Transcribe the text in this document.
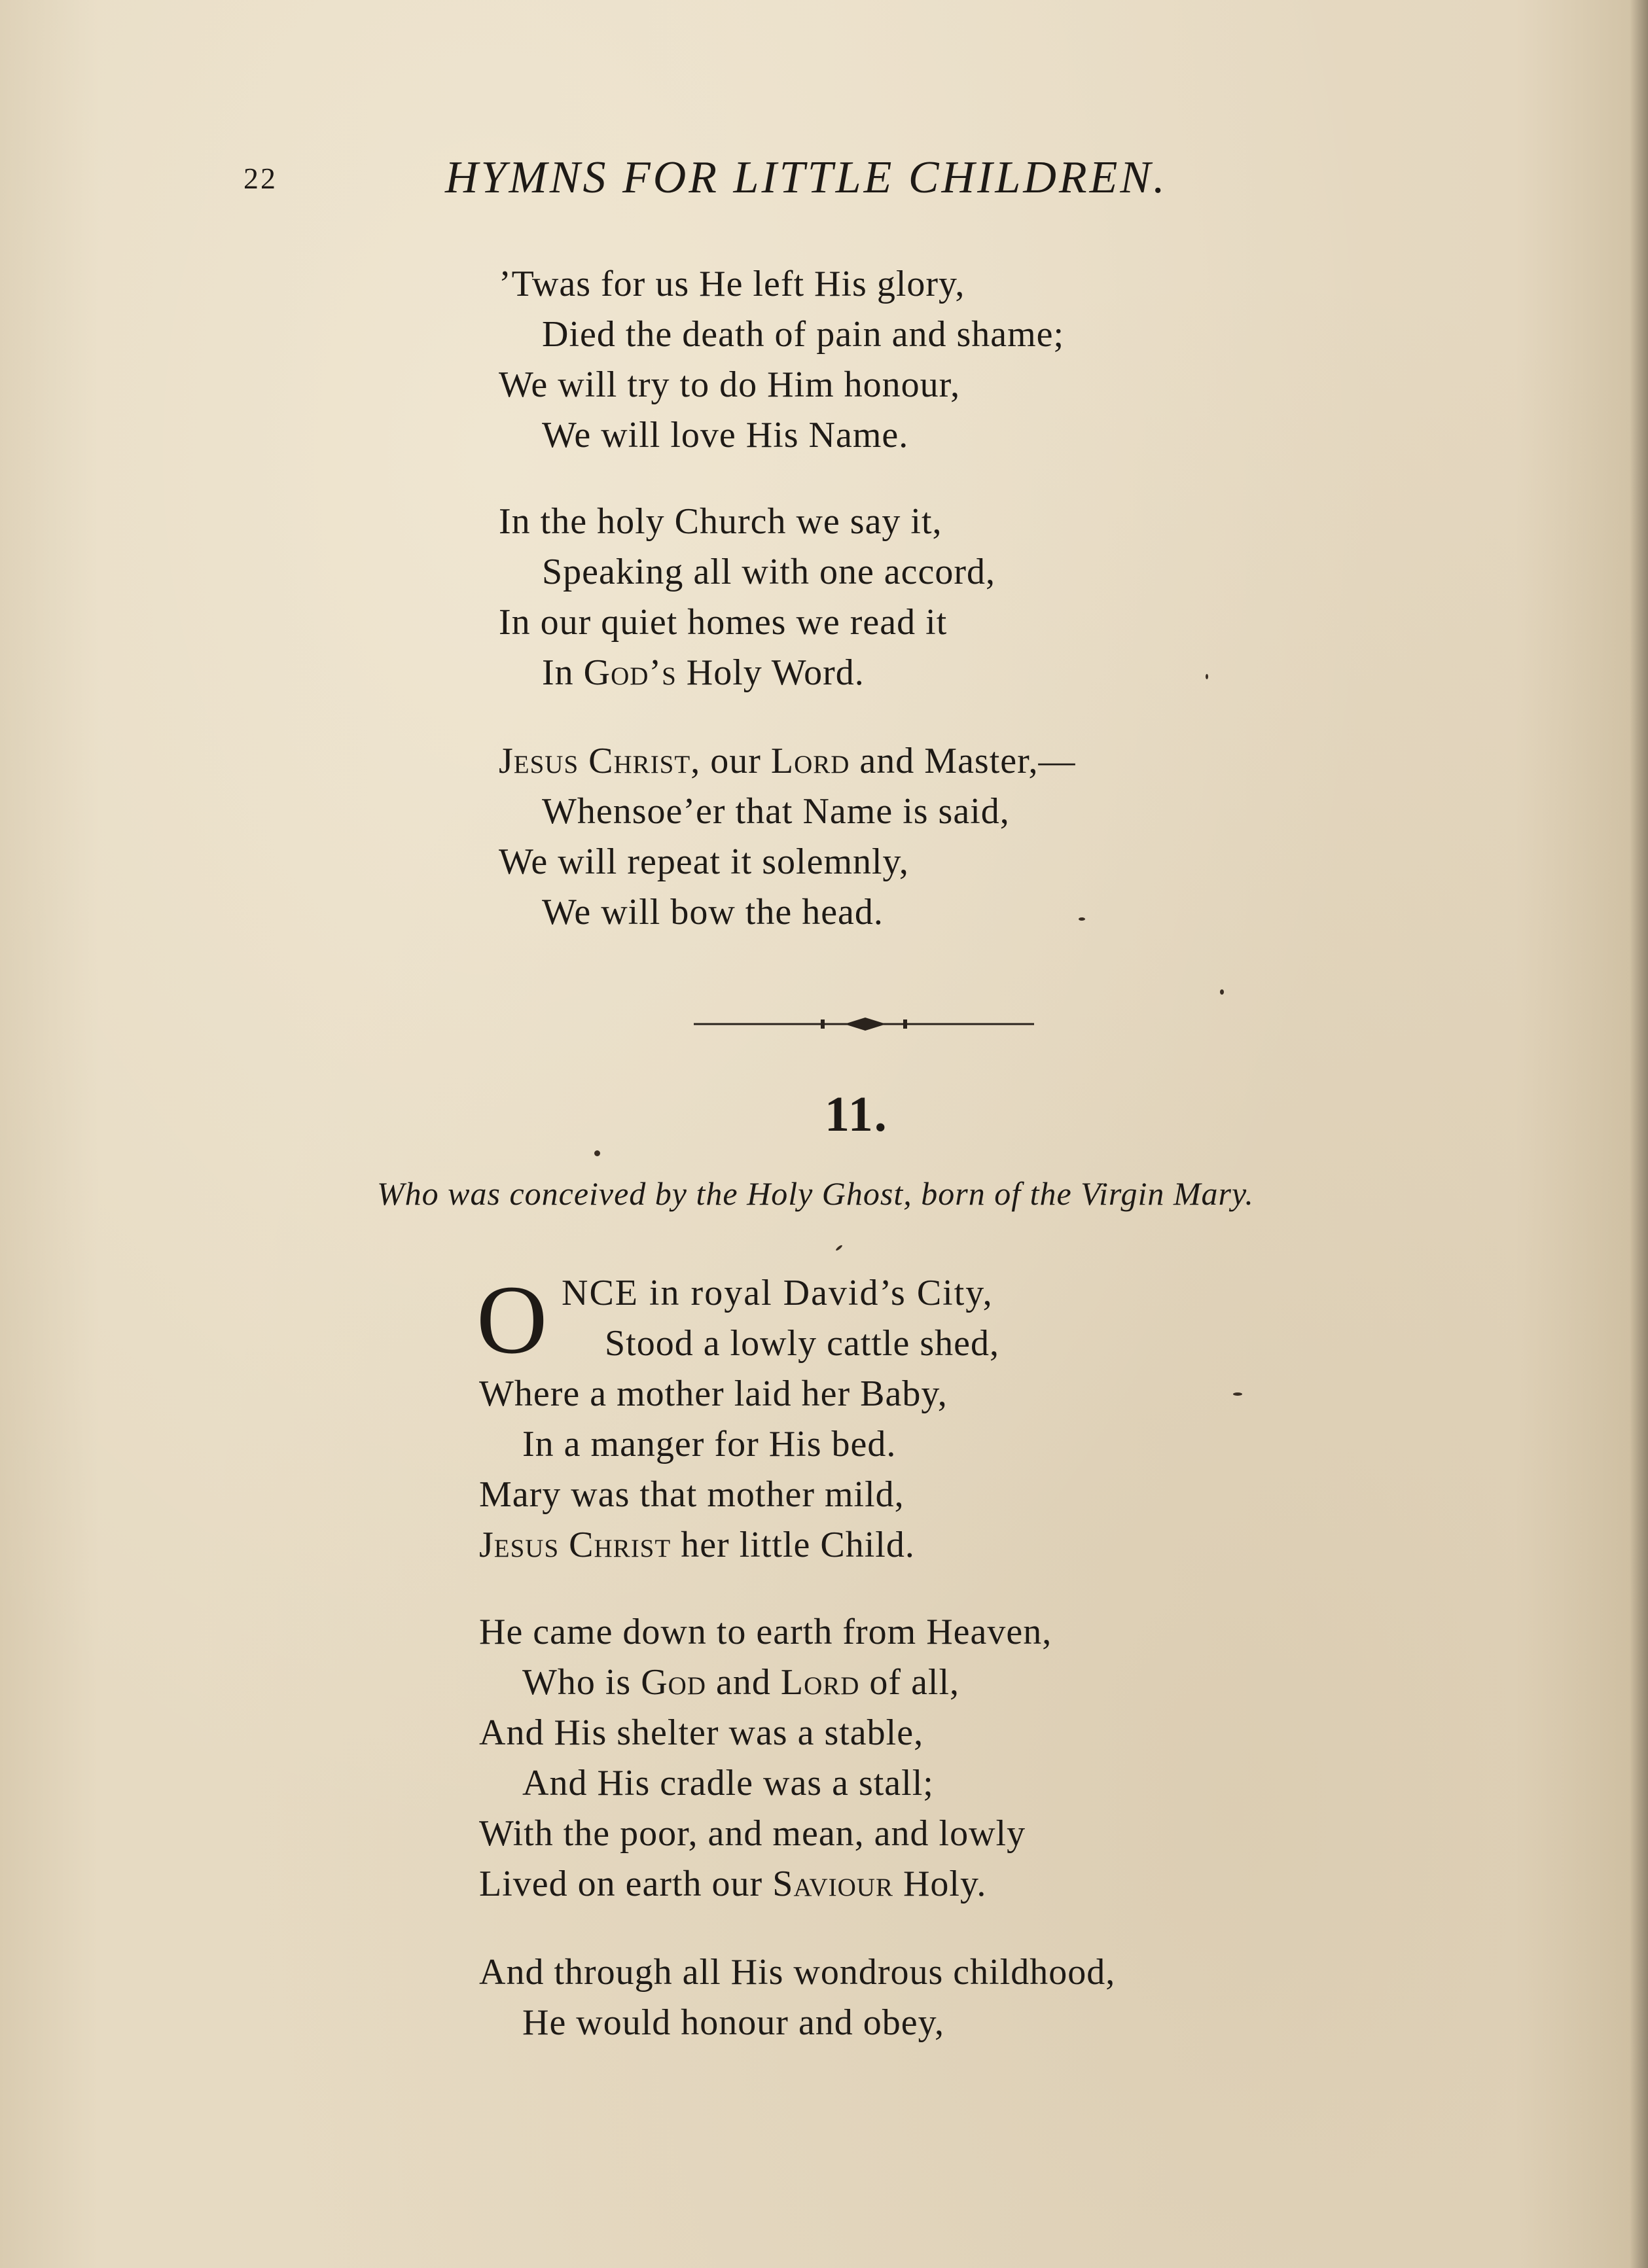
22	HYMNS FOR LITTLE CHILDREN.
’Twas for us He left His glory,
Died the death of pain and shame;
We will try to do Him honour,
We will love His Name.
In the holy Church we say it,
Speaking all with one accord,
In our quiet homes we read it
In God’s Holy Word.
Jesus Christ, our Lord and Master,—
Whensoe’er that Name is said,
We will repeat it solemnly,
We will bow the head.
11.
Who was conceived by the Holy Ghost, born of the Virgin Mary.
O NCE in royal David’s City,
Stood a lowly cattle shed,
Where a mother laid her Baby,
In a manger for His bed.
Mary was that mother mild,
Jesus Christ her little Child.
He came down to earth from Heaven,
Who is God and Lord of all,
And His shelter was a stable,
And His cradle was a stall;
With the poor, and mean, and lowly
Lived on earth our Saviour Holy.
And through all His wondrous childhood,
He would honour and obey,
